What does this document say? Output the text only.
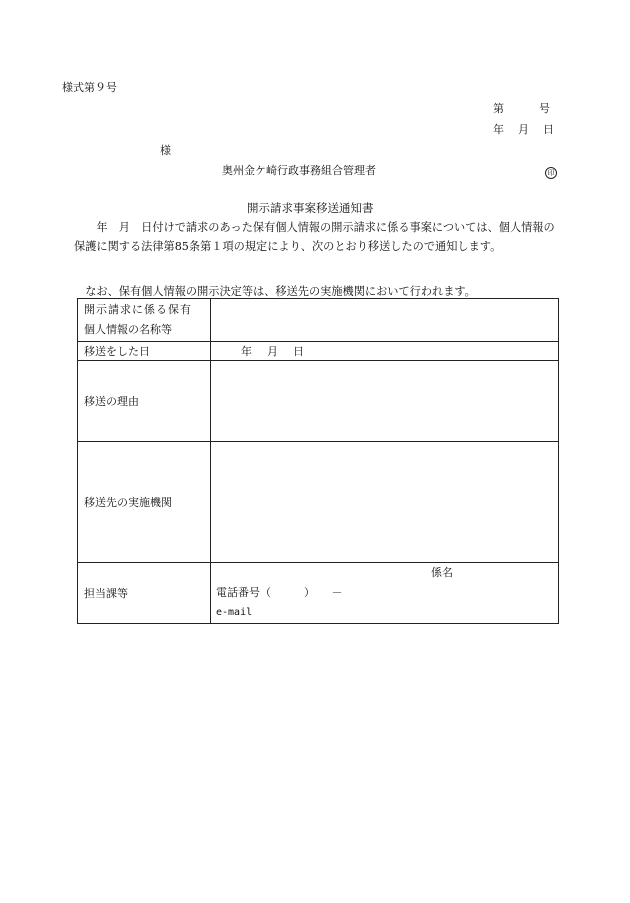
様式第９号
第　　　号
年　月　日
様
奥州金ケ崎行政事務組合管理者	印
開示請求事案移送通知書
年　月　日付けで請求のあった保有個人情報の開示請求に係る事案については、個人情報の保護に関する法律第85条第１項の規定により、次のとおり移送したので通知します。
なお、保有個人情報の開示決定等は、移送先の実施機関において行われます。
開示請求に係る保有
個人情報の名称等	

移送をした日	年　月　日
移送の理由	
移送先の実施機関	
担当課等	係名
電話番号（　　　）　　－
e-mail
